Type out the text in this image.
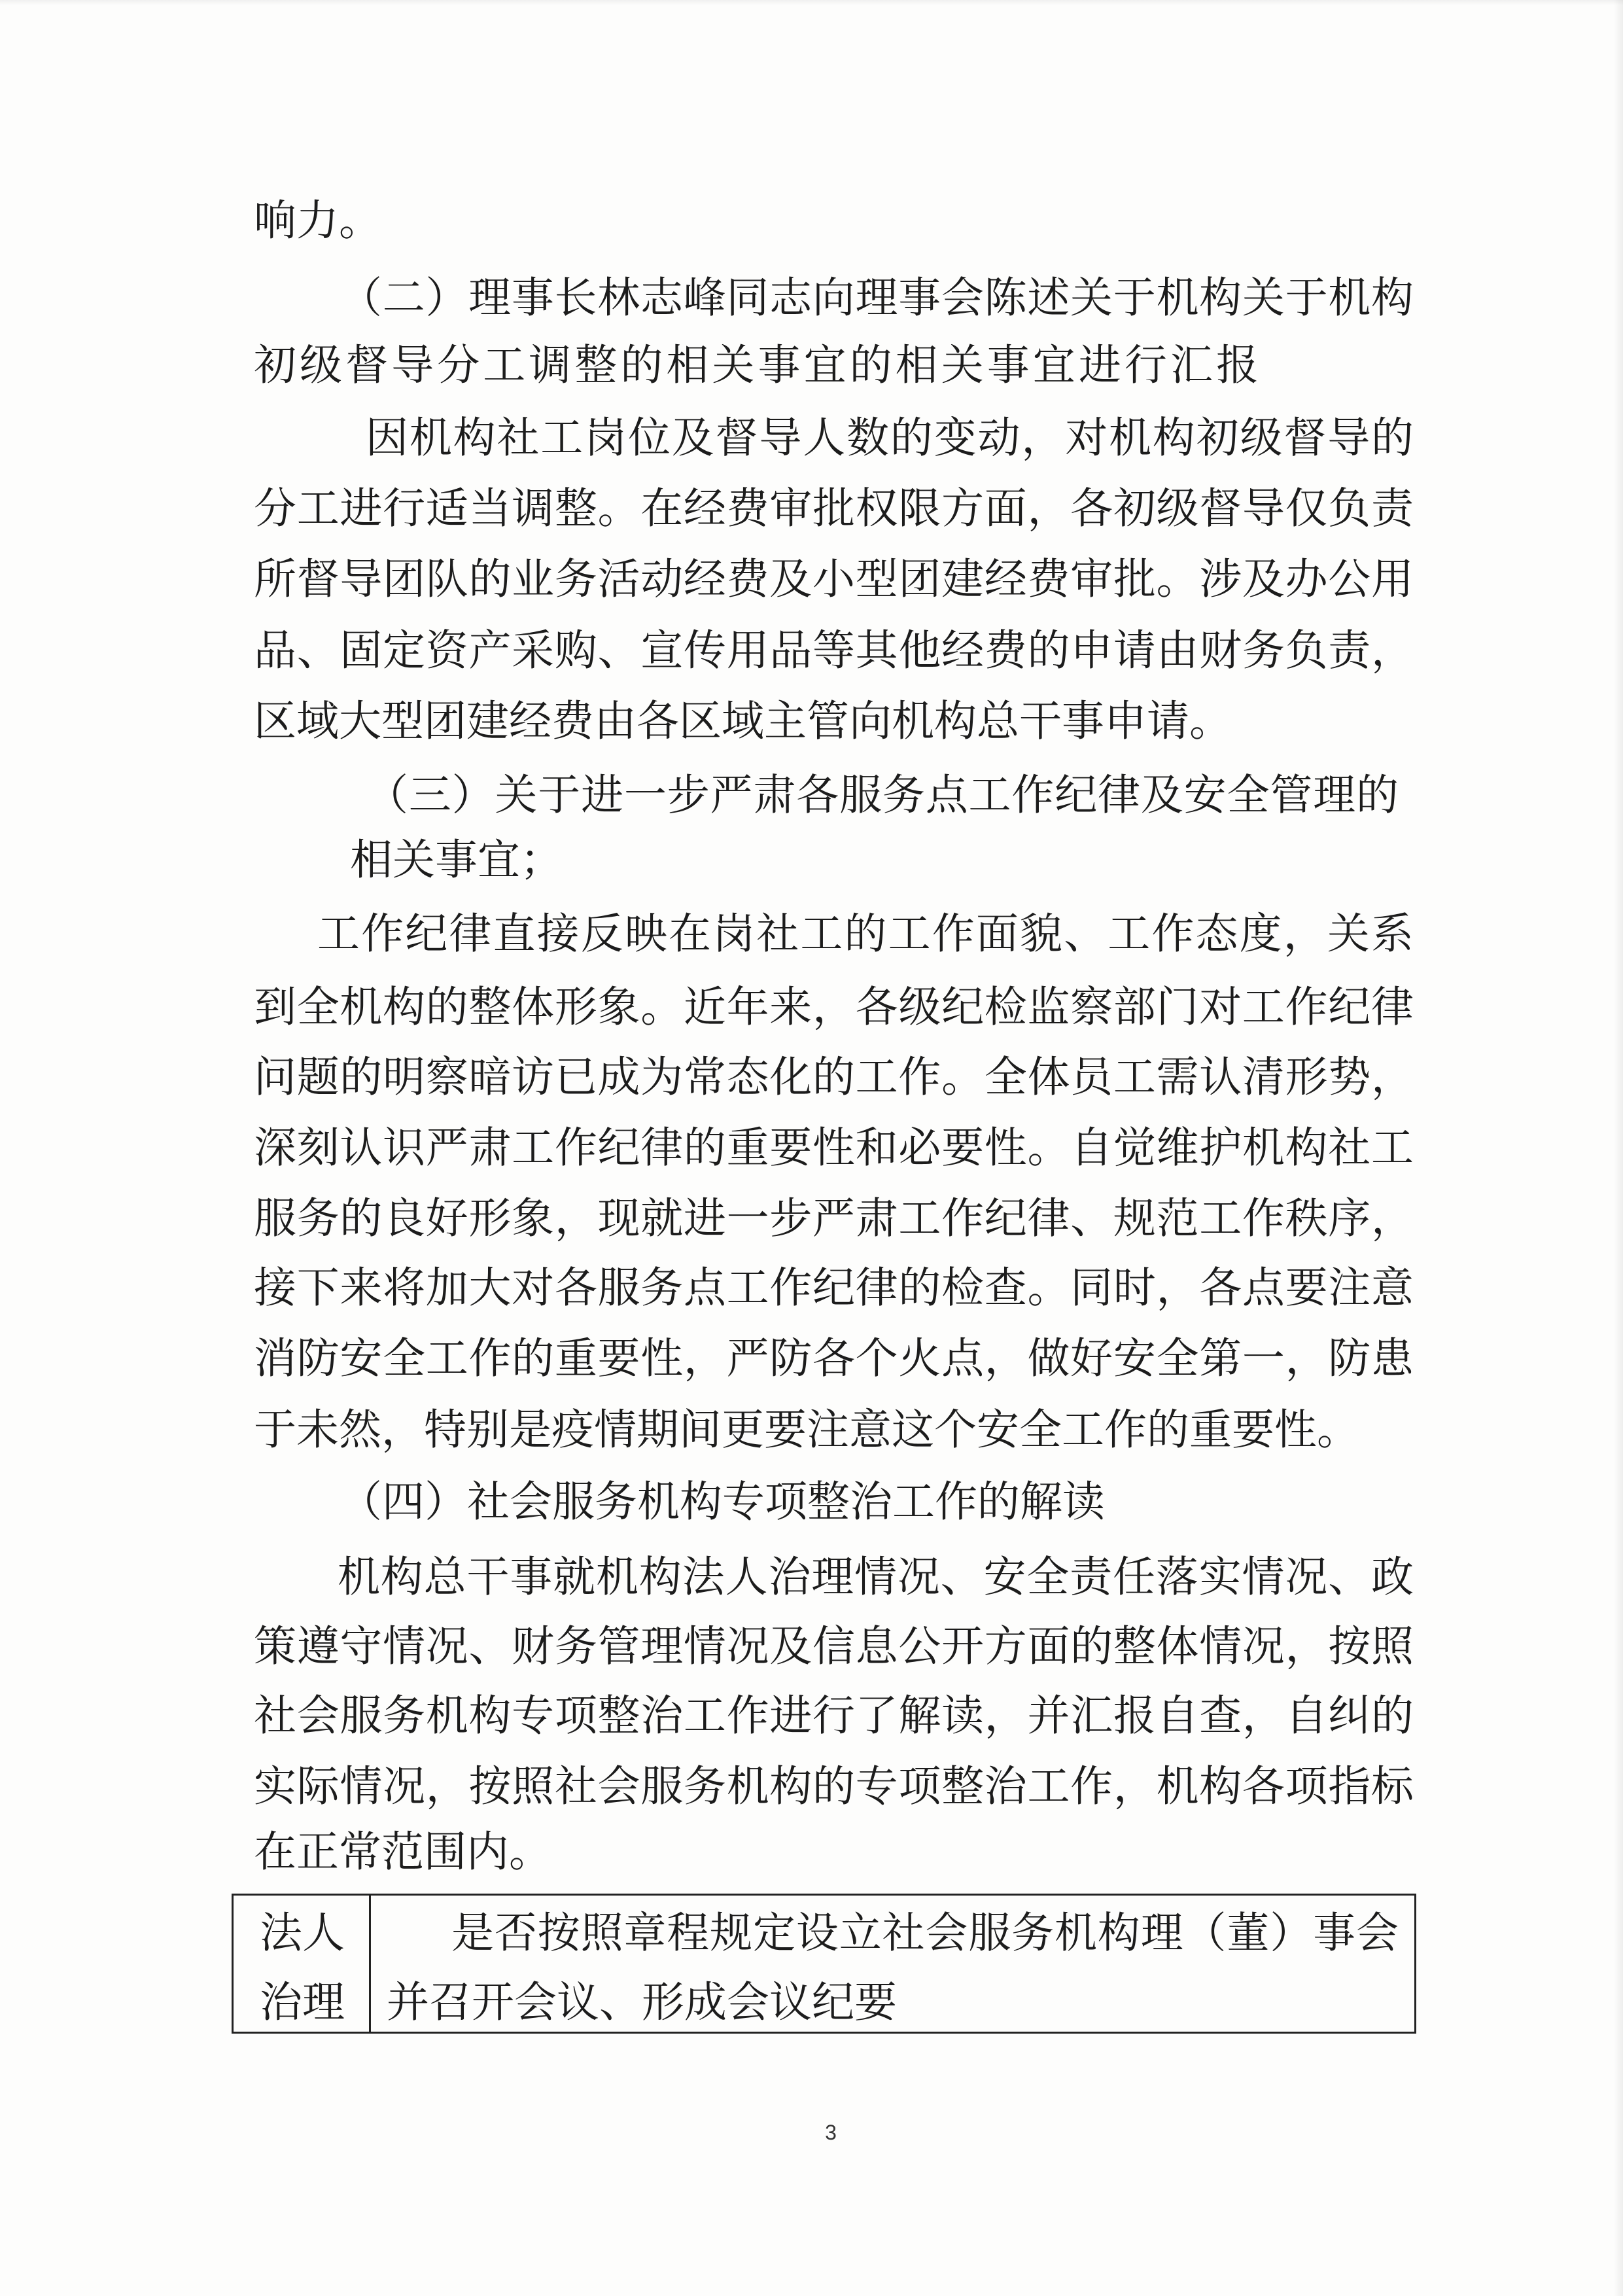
响力。
（二）理事长林志峰同志向理事会陈述关于机构关于机构
初级督导分工调整的相关事宜的相关事宜进行汇报
因机构社工岗位及督导人数的变动，对机构初级督导的
分工进行适当调整。在经费审批权限方面，各初级督导仅负责
所督导团队的业务活动经费及小型团建经费审批。涉及办公用
品、固定资产采购、宣传用品等其他经费的申请由财务负责，
区域大型团建经费由各区域主管向机构总干事申请。
（三）关于进一步严肃各服务点工作纪律及安全管理的
相关事宜；
工作纪律直接反映在岗社工的工作面貌、工作态度，关系
到全机构的整体形象。近年来，各级纪检监察部门对工作纪律
问题的明察暗访已成为常态化的工作。全体员工需认清形势，
深刻认识严肃工作纪律的重要性和必要性。自觉维护机构社工
服务的良好形象，现就进一步严肃工作纪律、规范工作秩序，
接下来将加大对各服务点工作纪律的检查。同时，各点要注意
消防安全工作的重要性，严防各个火点，做好安全第一，防患
于未然，特别是疫情期间更要注意这个安全工作的重要性。
（四）社会服务机构专项整治工作的解读
机构总干事就机构法人治理情况、安全责任落实情况、政
策遵守情况、财务管理情况及信息公开方面的整体情况，按照
社会服务机构专项整治工作进行了解读，并汇报自查，自纠的
实际情况，按照社会服务机构的专项整治工作，机构各项指标
在正常范围内。
法人
治理
是否按照章程规定设立社会服务机构理（董）事会
并召开会议、形成会议纪要
3
